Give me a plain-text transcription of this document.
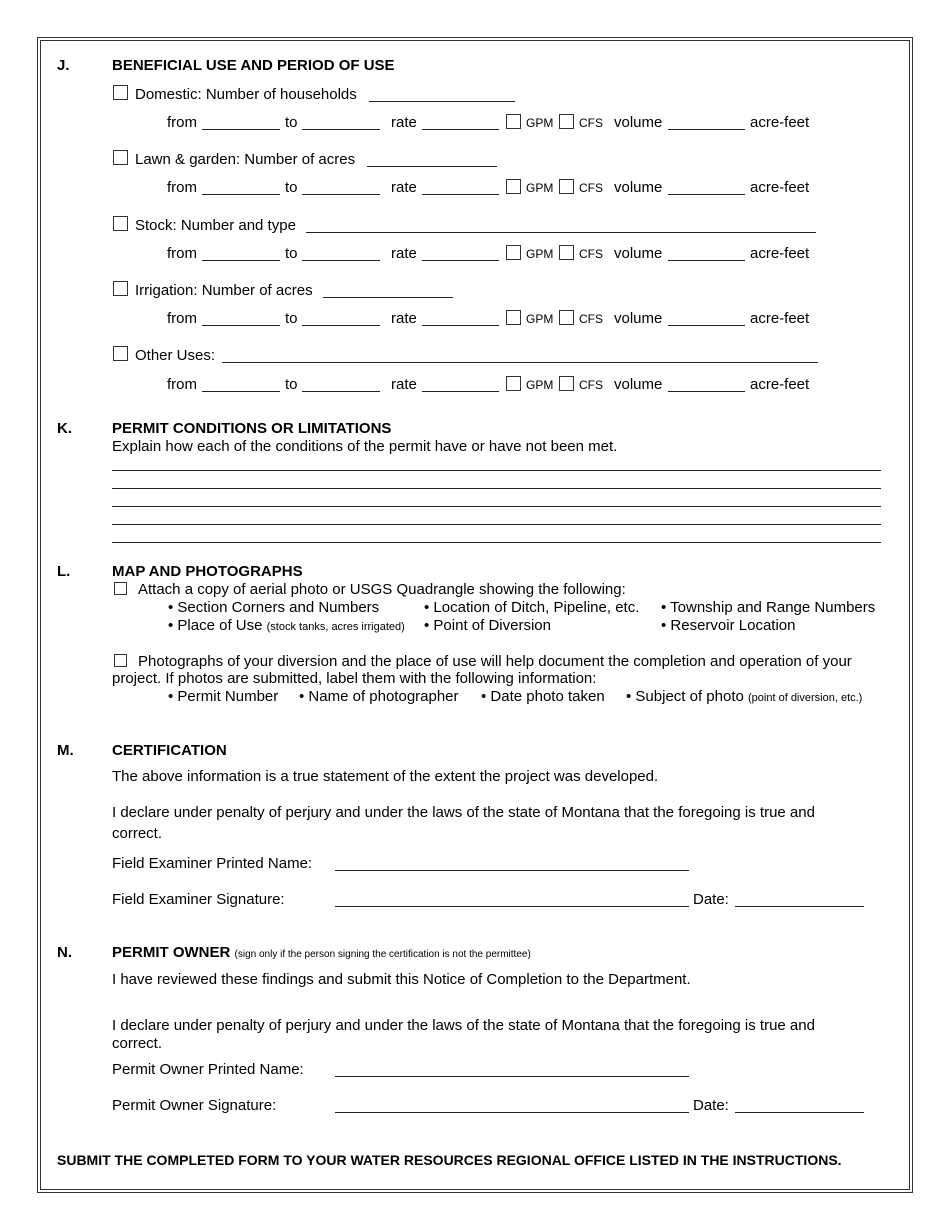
J.	BENEFICIAL USE AND PERIOD OF USE
Domestic: Number of households
from	to	rate	GPM CFS volume	acre-feet
Lawn & garden: Number of acres
from	to	rate	GPM CFS volume	acre-feet
Stock: Number and type
from	to	rate	GPM CFS volume	acre-feet
Irrigation: Number of acres
from	to	rate	GPM CFS volume	acre-feet
Other Uses:
from	to	rate	GPM CFS volume	acre-feet
K.	PERMIT CONDITIONS OR LIMITATIONS
Explain how each of the conditions of the permit have or have not been met.
L.	MAP AND PHOTOGRAPHS
Attach a copy of aerial photo or USGS Quadrangle showing the following:
• Section Corners and Numbers	• Location of Ditch, Pipeline, etc. • Township and Range Numbers
• Place of Use (stock tanks, acres irrigated) • Point of Diversion	• Reservoir Location
Photographs of your diversion and the place of use will help document the completion and operation of your
project. If photos are submitted, label them with the following information:
• Permit Number • Name of photographer • Date photo taken • Subject of photo (point of diversion, etc.)
M.	CERTIFICATION
The above information is a true statement of the extent the project was developed.
I declare under penalty of perjury and under the laws of the state of Montana that the foregoing is true and
correct.
Field Examiner Printed Name:
Field Examiner Signature:	Date:
N.	PERMIT OWNER (sign only if the person signing the certification is not the permittee)
I have reviewed these findings and submit this Notice of Completion to the Department.
I declare under penalty of perjury and under the laws of the state of Montana that the foregoing is true and
correct.
Permit Owner Printed Name:
Permit Owner Signature:	Date:
SUBMIT THE COMPLETED FORM TO YOUR WATER RESOURCES REGIONAL OFFICE LISTED IN THE INSTRUCTIONS.
